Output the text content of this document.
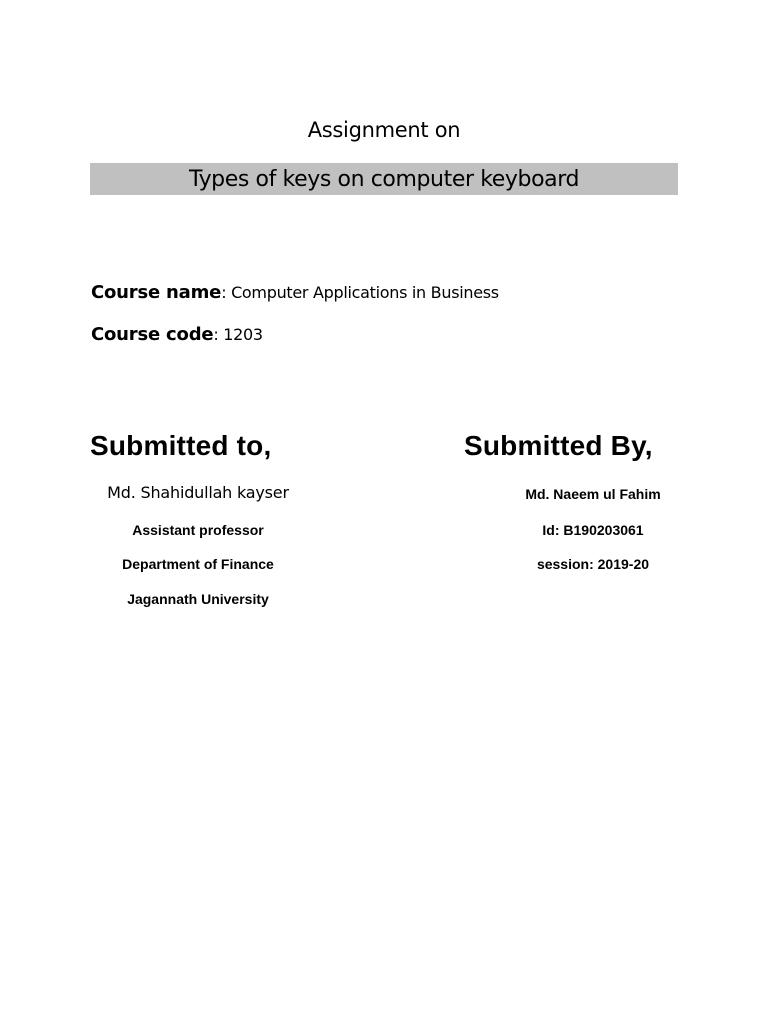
Assignment on
Types of keys on computer keyboard
Course name: Computer Applications in Business
Course code: 1203
Submitted to,	Submitted By,
Md. Shahidullah kayser
Assistant professor
Department of Finance
Jagannath University
Md. Naeem ul Fahim
Id: B190203061
session: 2019-20
